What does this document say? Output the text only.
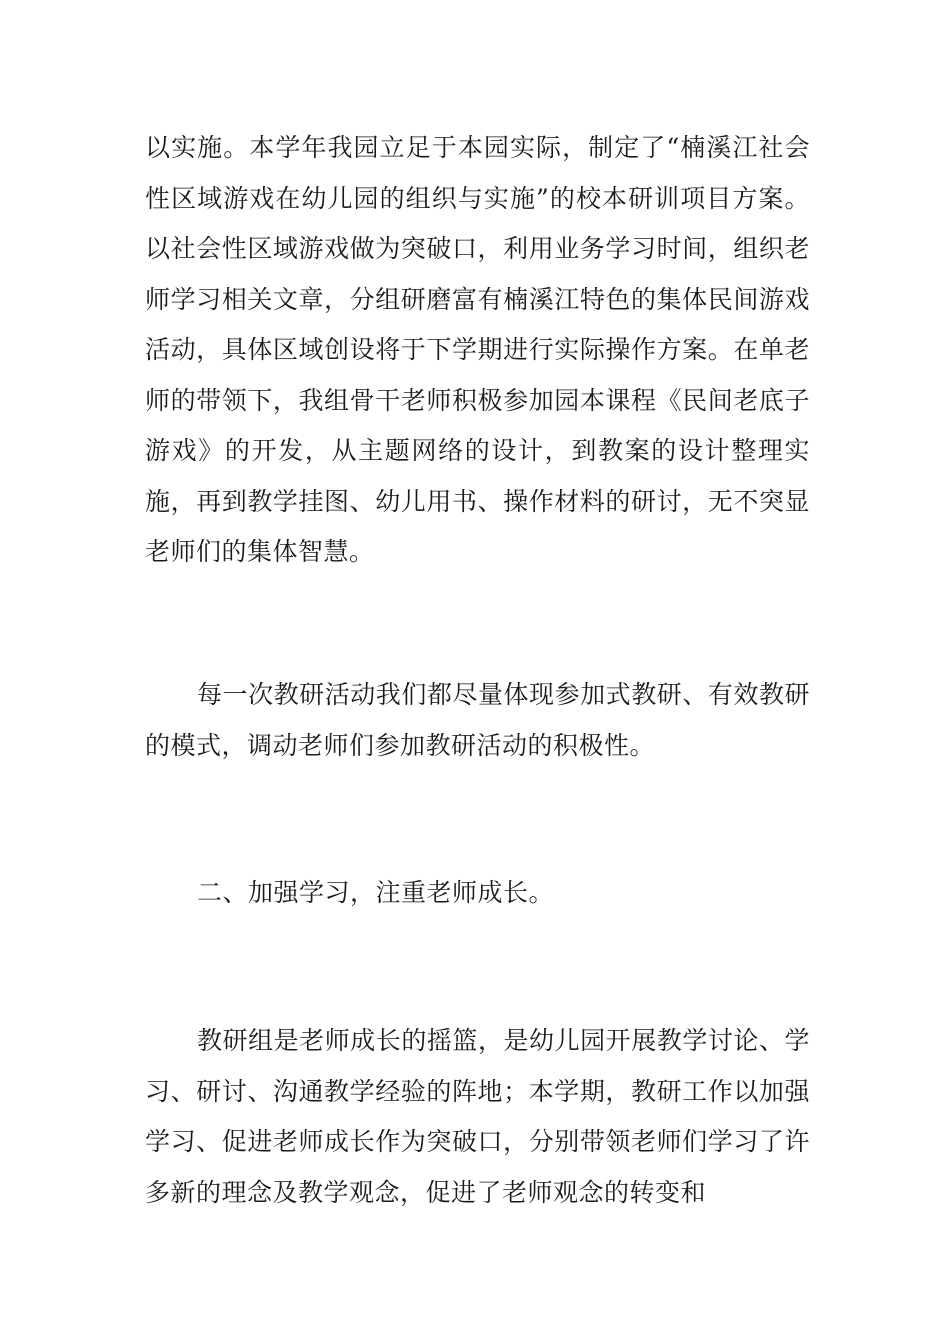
以实施。本学年我园立足于本园实际，制定了“楠溪江社会性区域游戏在幼儿园的组织与实施”的校本研训项目方案。以社会性区域游戏做为突破口，利用业务学习时间，组织老师学习相关文章，分组研磨富有楠溪江特色的集体民间游戏活动，具体区域创设将于下学期进行实际操作方案。在单老师的带领下，我组骨干老师积极参加园本课程《民间老底子游戏》的开发，从主题网络的设计，到教案的设计整理实施，再到教学挂图、幼儿用书、操作材料的研讨，无不突显老师们的集体智慧。

每一次教研活动我们都尽量体现参加式教研、有效教研的模式，调动老师们参加教研活动的积极性。

二、加强学习，注重老师成长。

教研组是老师成长的摇篮，是幼儿园开展教学讨论、学习、研讨、沟通教学经验的阵地；本学期，教研工作以加强学习、促进老师成长作为突破口，分别带领老师们学习了许多新的理念及教学观念，促进了老师观念的转变和
